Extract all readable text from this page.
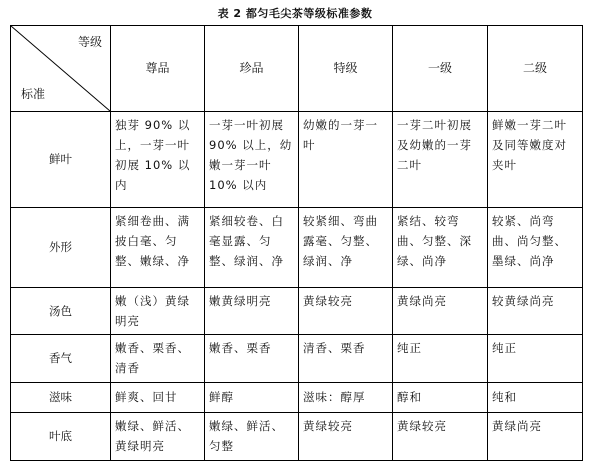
表 2 都匀毛尖茶等级标准参数
等级
标准	尊品	珍品	特级	一级	二级
鲜叶	独芽 90% 以上，一芽一叶初展 10% 以内	一芽一叶初展 90% 以上，幼嫩一芽一叶 10% 以内	幼嫩的一芽一叶	一芽二叶初展及幼嫩的一芽二叶	鲜嫩一芽二叶及同等嫩度对夹叶
外形	紧细卷曲、满披白毫、匀整、嫩绿、净	紧细较卷、白毫显露、匀整、绿润、净	较紧细、弯曲露毫、匀整、绿润、净	紧结、较弯曲、匀整、深绿、尚净	较紧、尚弯曲、尚匀整、墨绿、尚净
汤色	嫩（浅）黄绿明亮	嫩黄绿明亮	黄绿较亮	黄绿尚亮	较黄绿尚亮
香气	嫩香、栗香、清香	嫩香、栗香	清香、栗香	纯正	纯正
滋味	鲜爽、回甘	鲜醇	滋味：醇厚	醇和	纯和
叶底	嫩绿、鲜活、黄绿明亮	嫩绿、鲜活、匀整	黄绿较亮	黄绿较亮	黄绿尚亮
